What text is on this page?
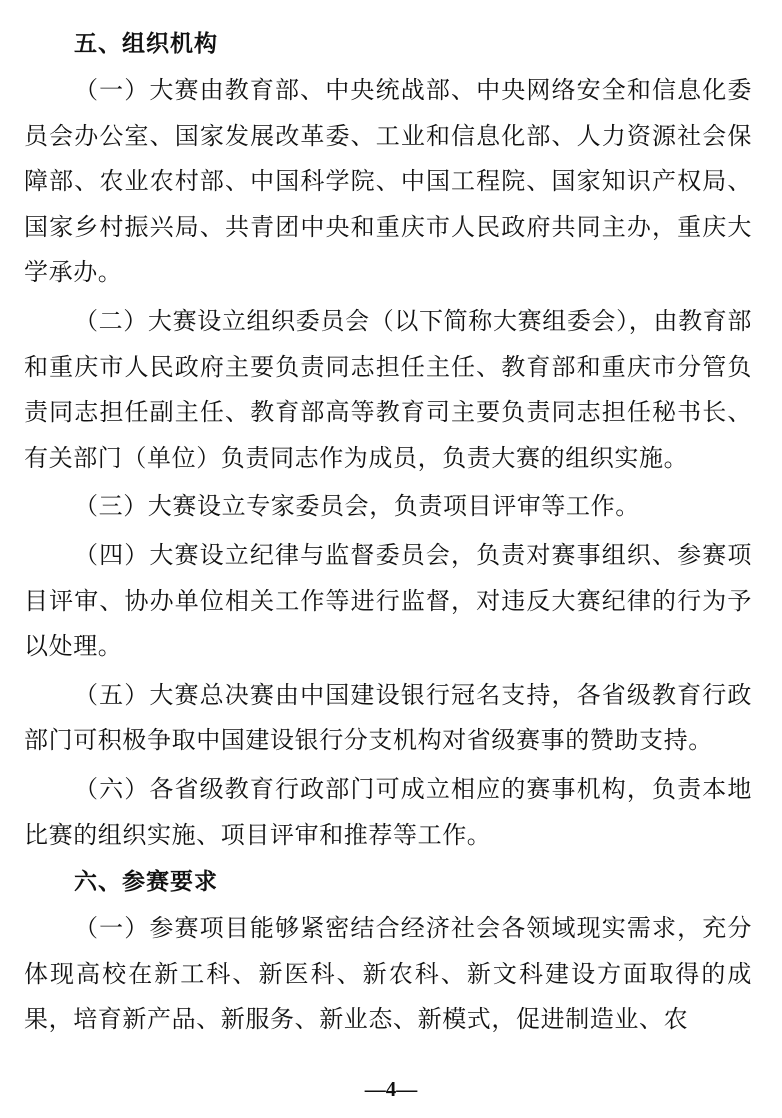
五、组织机构

（一）大赛由教育部、中央统战部、中央网络安全和信息化委员会办公室、国家发展改革委、工业和信息化部、人力资源社会保障部、农业农村部、中国科学院、中国工程院、国家知识产权局、国家乡村振兴局、共青团中央和重庆市人民政府共同主办，重庆大学承办。

（二）大赛设立组织委员会（以下简称大赛组委会），由教育部和重庆市人民政府主要负责同志担任主任、教育部和重庆市分管负责同志担任副主任、教育部高等教育司主要负责同志担任秘书长、有关部门（单位）负责同志作为成员，负责大赛的组织实施。

（三）大赛设立专家委员会，负责项目评审等工作。

（四）大赛设立纪律与监督委员会，负责对赛事组织、参赛项目评审、协办单位相关工作等进行监督，对违反大赛纪律的行为予以处理。

（五）大赛总决赛由中国建设银行冠名支持，各省级教育行政部门可积极争取中国建设银行分支机构对省级赛事的赞助支持。

（六）各省级教育行政部门可成立相应的赛事机构，负责本地比赛的组织实施、项目评审和推荐等工作。

六、参赛要求

（一）参赛项目能够紧密结合经济社会各领域现实需求，充分体现高校在新工科、新医科、新农科、新文科建设方面取得的成果，培育新产品、新服务、新业态、新模式，促进制造业、农

—4—
